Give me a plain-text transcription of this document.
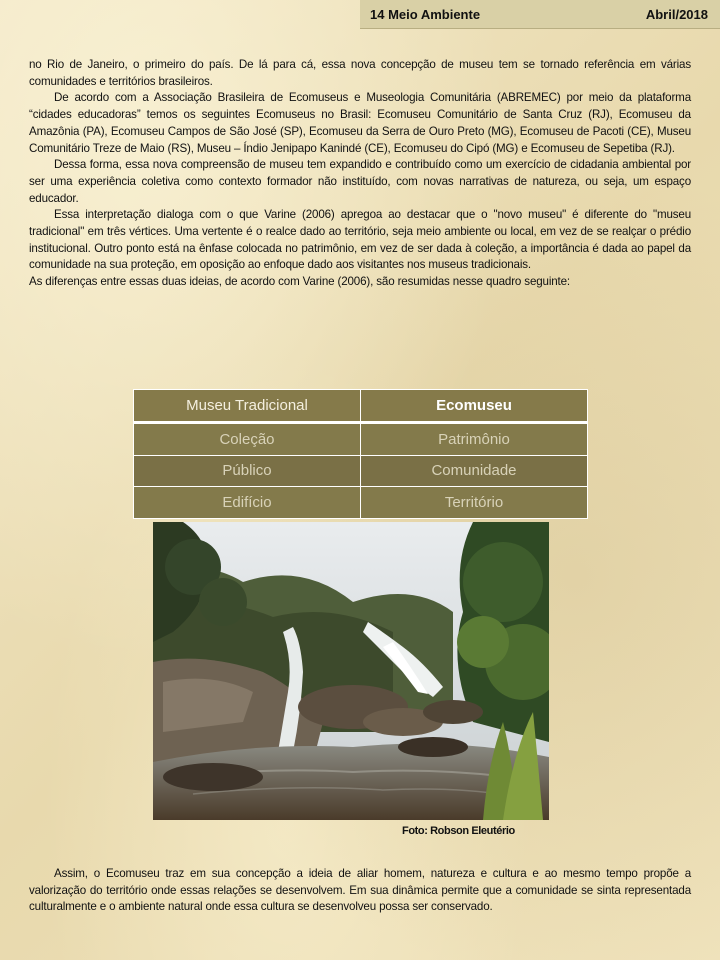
14 Meio Ambiente	Abril/2018

no Rio de Janeiro, o primeiro do país. De lá para cá, essa nova concepção de museu tem se tornado referência em várias comunidades e territórios brasileiros.

De acordo com a Associação Brasileira de Ecomuseus e Museologia Comunitária (ABREMEC) por meio da plataforma “cidades educadoras” temos os seguintes Ecomuseus no Brasil: Ecomuseu Comunitário de Santa Cruz (RJ), Ecomuseu da Amazônia (PA), Ecomuseu Campos de São José (SP), Ecomuseu da Serra de Ouro Preto (MG), Ecomuseu de Pacoti (CE), Museu Comunitário Treze de Maio (RS), Museu – Índio Jenipapo Kanindé (CE), Ecomuseu do Cipó (MG) e Ecomuseu de Sepetiba (RJ).

Dessa forma, essa nova compreensão de museu tem expandido e contribuído como um exercício de cidadania ambiental por ser uma experiência coletiva como contexto formador não instituído, com novas narrativas de natureza, ou seja, um espaço educador.

Essa interpretação dialoga com o que Varine (2006) apregoa ao destacar que o "novo museu" é diferente do "museu tradicional" em três vértices. Uma vertente é o realce dado ao território, seja meio ambiente ou local, em vez de se realçar o prédio institucional. Outro ponto está na ênfase colocada no patrimônio, em vez de ser dada à coleção, a importância é dada ao papel da comunidade na sua proteção, em oposição ao enfoque dado aos visitantes nos museus tradicionais.

As diferenças entre essas duas ideias, de acordo com Varine (2006), são resumidas nesse quadro seguinte:

Museu Tradicional	Ecomuseu
Coleção	Patrimônio
Público	Comunidade
Edifício	Território
Foto: Robson Eleutério

Assim, o Ecomuseu traz em sua concepção a ideia de aliar homem, natureza e cultura e ao mesmo tempo propõe a valorização do território onde essas relações se desenvolvem. Em sua dinâmica permite que a comunidade se sinta representada culturalmente e o ambiente natural onde essa cultura se desenvolveu possa ser conservado.
